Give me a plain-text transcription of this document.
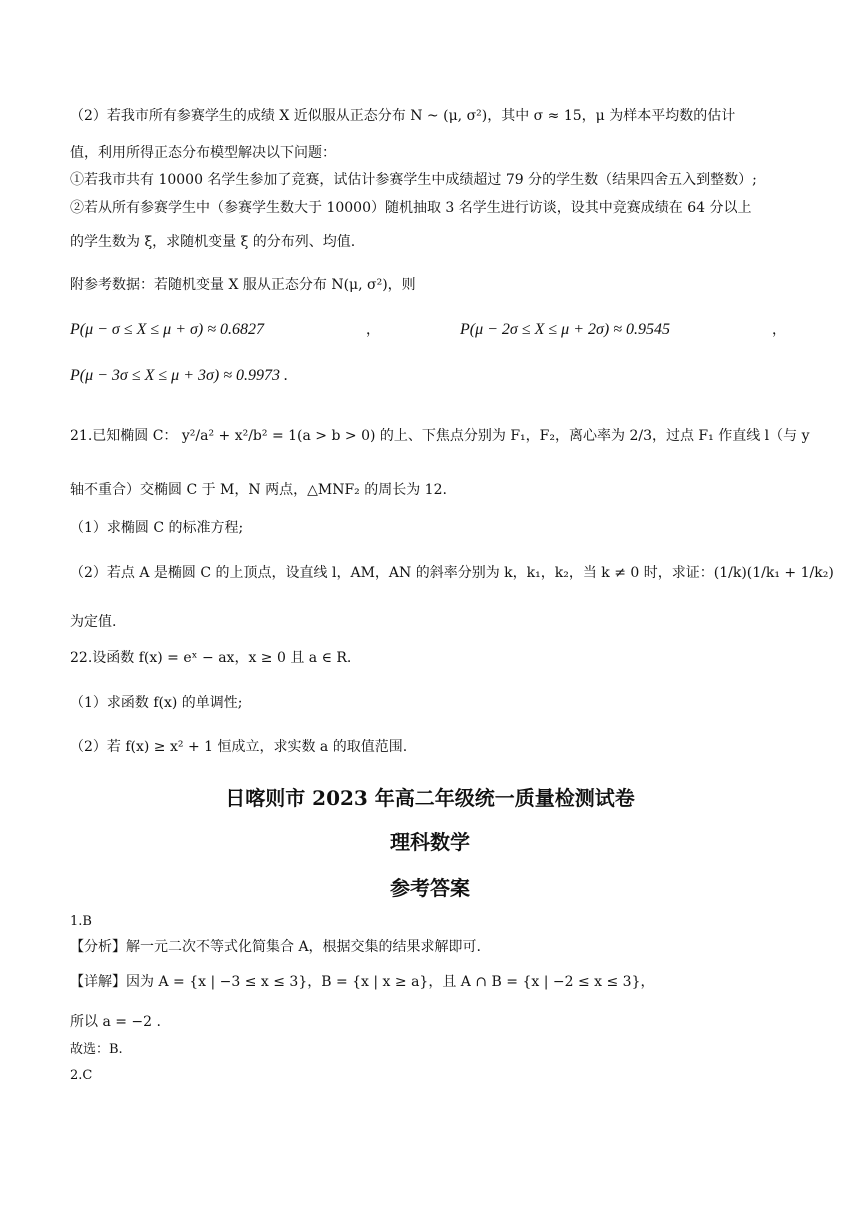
（2）若我市所有参赛学生的成绩 X 近似服从正态分布 N ~ (μ, σ²)，其中 σ ≈ 15，μ 为样本平均数的估计
值，利用所得正态分布模型解决以下问题：
①若我市共有 10000 名学生参加了竞赛，试估计参赛学生中成绩超过 79 分的学生数（结果四舍五入到整数）;
②若从所有参赛学生中（参赛学生数大于 10000）随机抽取 3 名学生进行访谈，设其中竞赛成绩在 64 分以上
的学生数为 ξ，求随机变量 ξ 的分布列、均值.
附参考数据：若随机变量 X 服从正态分布 N(μ, σ²)，则
P(μ − σ ≤ X ≤ μ + σ) ≈ 0.6827	，	P(μ − 2σ ≤ X ≤ μ + 2σ) ≈ 0.9545	，
P(μ − 3σ ≤ X ≤ μ + 3σ) ≈ 0.9973 .
21.已知椭圆 C： y²/a² + x²/b² = 1(a > b > 0) 的上、下焦点分别为 F₁，F₂，离心率为 2/3，过点 F₁ 作直线 l（与 y
轴不重合）交椭圆 C 于 M，N 两点，△MNF₂ 的周长为 12.
（1）求椭圆 C 的标准方程;
（2）若点 A 是椭圆 C 的上顶点，设直线 l，AM，AN 的斜率分别为 k，k₁，k₂，当 k ≠ 0 时，求证：(1/k)(1/k₁ + 1/k₂)
为定值.
22.设函数 f(x) = eˣ − ax，x ≥ 0 且 a ∈ R.
（1）求函数 f(x) 的单调性;
（2）若 f(x) ≥ x² + 1 恒成立，求实数 a 的取值范围.
日喀则市 2023 年高二年级统一质量检测试卷
理科数学
参考答案
1.B
【分析】解一元二次不等式化简集合 A，根据交集的结果求解即可.
【详解】因为 A = {x | −3 ≤ x ≤ 3}，B = {x | x ≥ a}，且 A ∩ B = {x | −2 ≤ x ≤ 3}，
所以 a = −2 .
故选：B.
2.C
